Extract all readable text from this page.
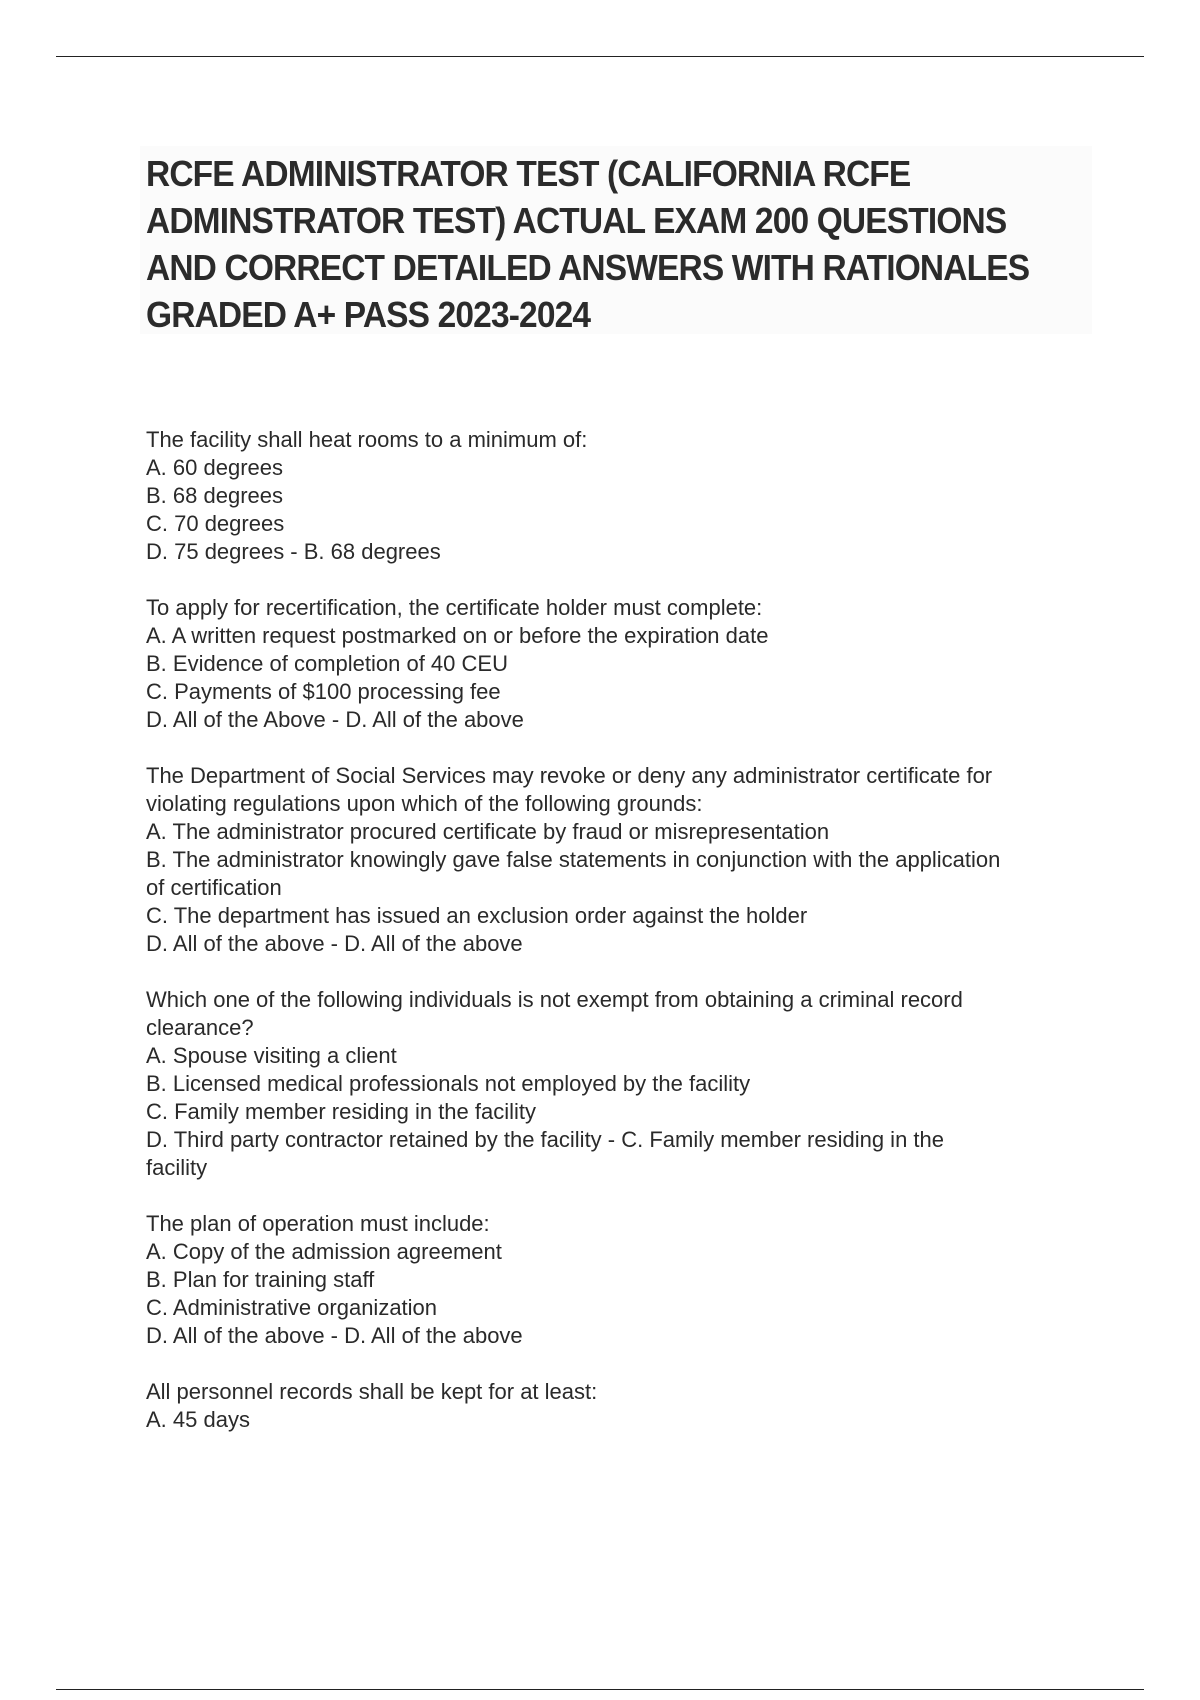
RCFE ADMINISTRATOR TEST (CALIFORNIA RCFE
ADMINSTRATOR TEST) ACTUAL EXAM 200 QUESTIONS
AND CORRECT DETAILED ANSWERS WITH RATIONALES
GRADED A+ PASS 2023-2024
The facility shall heat rooms to a minimum of:
A. 60 degrees
B. 68 degrees
C. 70 degrees
D. 75 degrees - B. 68 degrees
To apply for recertification, the certificate holder must complete:
A. A written request postmarked on or before the expiration date
B. Evidence of completion of 40 CEU
C. Payments of $100 processing fee
D. All of the Above - D. All of the above
The Department of Social Services may revoke or deny any administrator certificate for
violating regulations upon which of the following grounds:
A. The administrator procured certificate by fraud or misrepresentation
B. The administrator knowingly gave false statements in conjunction with the application
of certification
C. The department has issued an exclusion order against the holder
D. All of the above - D. All of the above
Which one of the following individuals is not exempt from obtaining a criminal record
clearance?
A. Spouse visiting a client
B. Licensed medical professionals not employed by the facility
C. Family member residing in the facility
D. Third party contractor retained by the facility - C. Family member residing in the
facility
The plan of operation must include:
A. Copy of the admission agreement
B. Plan for training staff
C. Administrative organization
D. All of the above - D. All of the above
All personnel records shall be kept for at least:
A. 45 days
